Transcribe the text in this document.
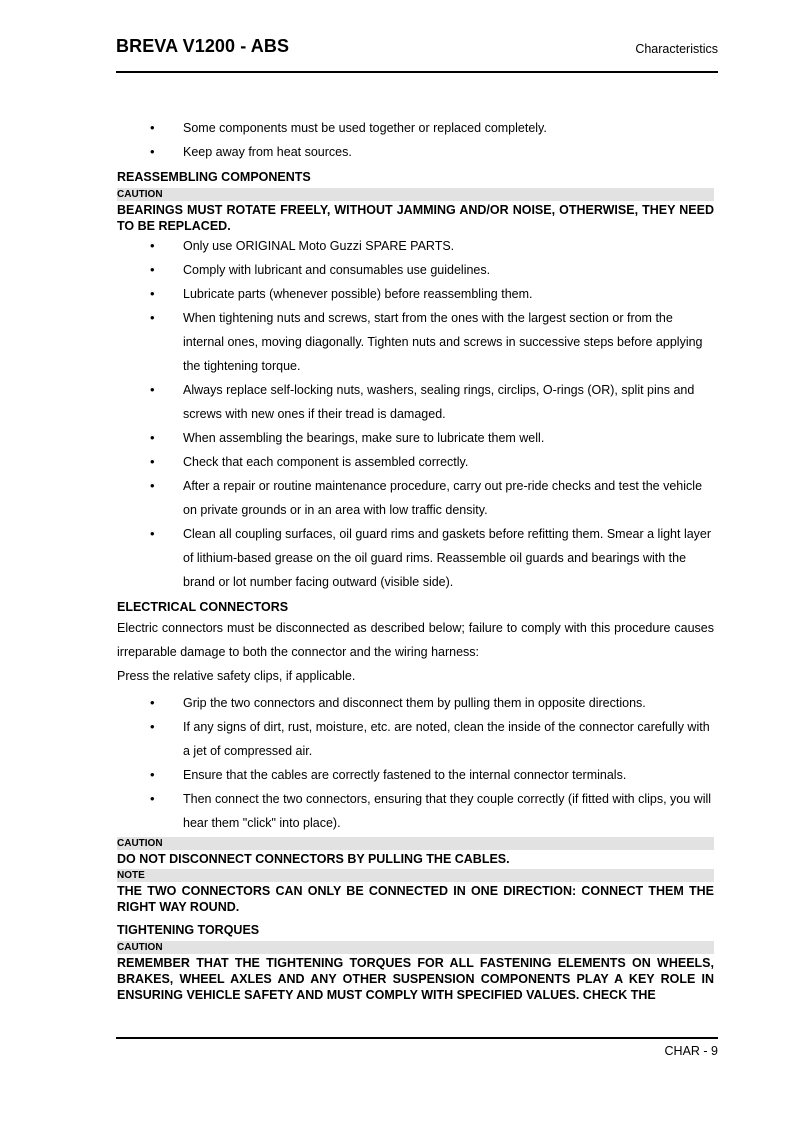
BREVA V1200 - ABS	Characteristics
• Some components must be used together or replaced completely.
• Keep away from heat sources.
REASSEMBLING COMPONENTS
CAUTION
BEARINGS MUST ROTATE FREELY, WITHOUT JAMMING AND/OR NOISE, OTHERWISE, THEY NEED TO BE REPLACED.
• Only use ORIGINAL Moto Guzzi SPARE PARTS.
• Comply with lubricant and consumables use guidelines.
• Lubricate parts (whenever possible) before reassembling them.
• When tightening nuts and screws, start from the ones with the largest section or from the internal ones, moving diagonally. Tighten nuts and screws in successive steps before applying the tightening torque.
• Always replace self-locking nuts, washers, sealing rings, circlips, O-rings (OR), split pins and screws with new ones if their tread is damaged.
• When assembling the bearings, make sure to lubricate them well.
• Check that each component is assembled correctly.
• After a repair or routine maintenance procedure, carry out pre-ride checks and test the vehicle on private grounds or in an area with low traffic density.
• Clean all coupling surfaces, oil guard rims and gaskets before refitting them. Smear a light layer of lithium-based grease on the oil guard rims. Reassemble oil guards and bearings with the brand or lot number facing outward (visible side).
ELECTRICAL CONNECTORS
Electric connectors must be disconnected as described below; failure to comply with this procedure causes irreparable damage to both the connector and the wiring harness:
Press the relative safety clips, if applicable.
• Grip the two connectors and disconnect them by pulling them in opposite directions.
• If any signs of dirt, rust, moisture, etc. are noted, clean the inside of the connector carefully with a jet of compressed air.
• Ensure that the cables are correctly fastened to the internal connector terminals.
• Then connect the two connectors, ensuring that they couple correctly (if fitted with clips, you will hear them "click" into place).
CAUTION
DO NOT DISCONNECT CONNECTORS BY PULLING THE CABLES.
NOTE
THE TWO CONNECTORS CAN ONLY BE CONNECTED IN ONE DIRECTION: CONNECT THEM THE RIGHT WAY ROUND.
TIGHTENING TORQUES
CAUTION
REMEMBER THAT THE TIGHTENING TORQUES FOR ALL FASTENING ELEMENTS ON WHEELS, BRAKES, WHEEL AXLES AND ANY OTHER SUSPENSION COMPONENTS PLAY A KEY ROLE IN ENSURING VEHICLE SAFETY AND MUST COMPLY WITH SPECIFIED VALUES. CHECK THE
CHAR - 9
